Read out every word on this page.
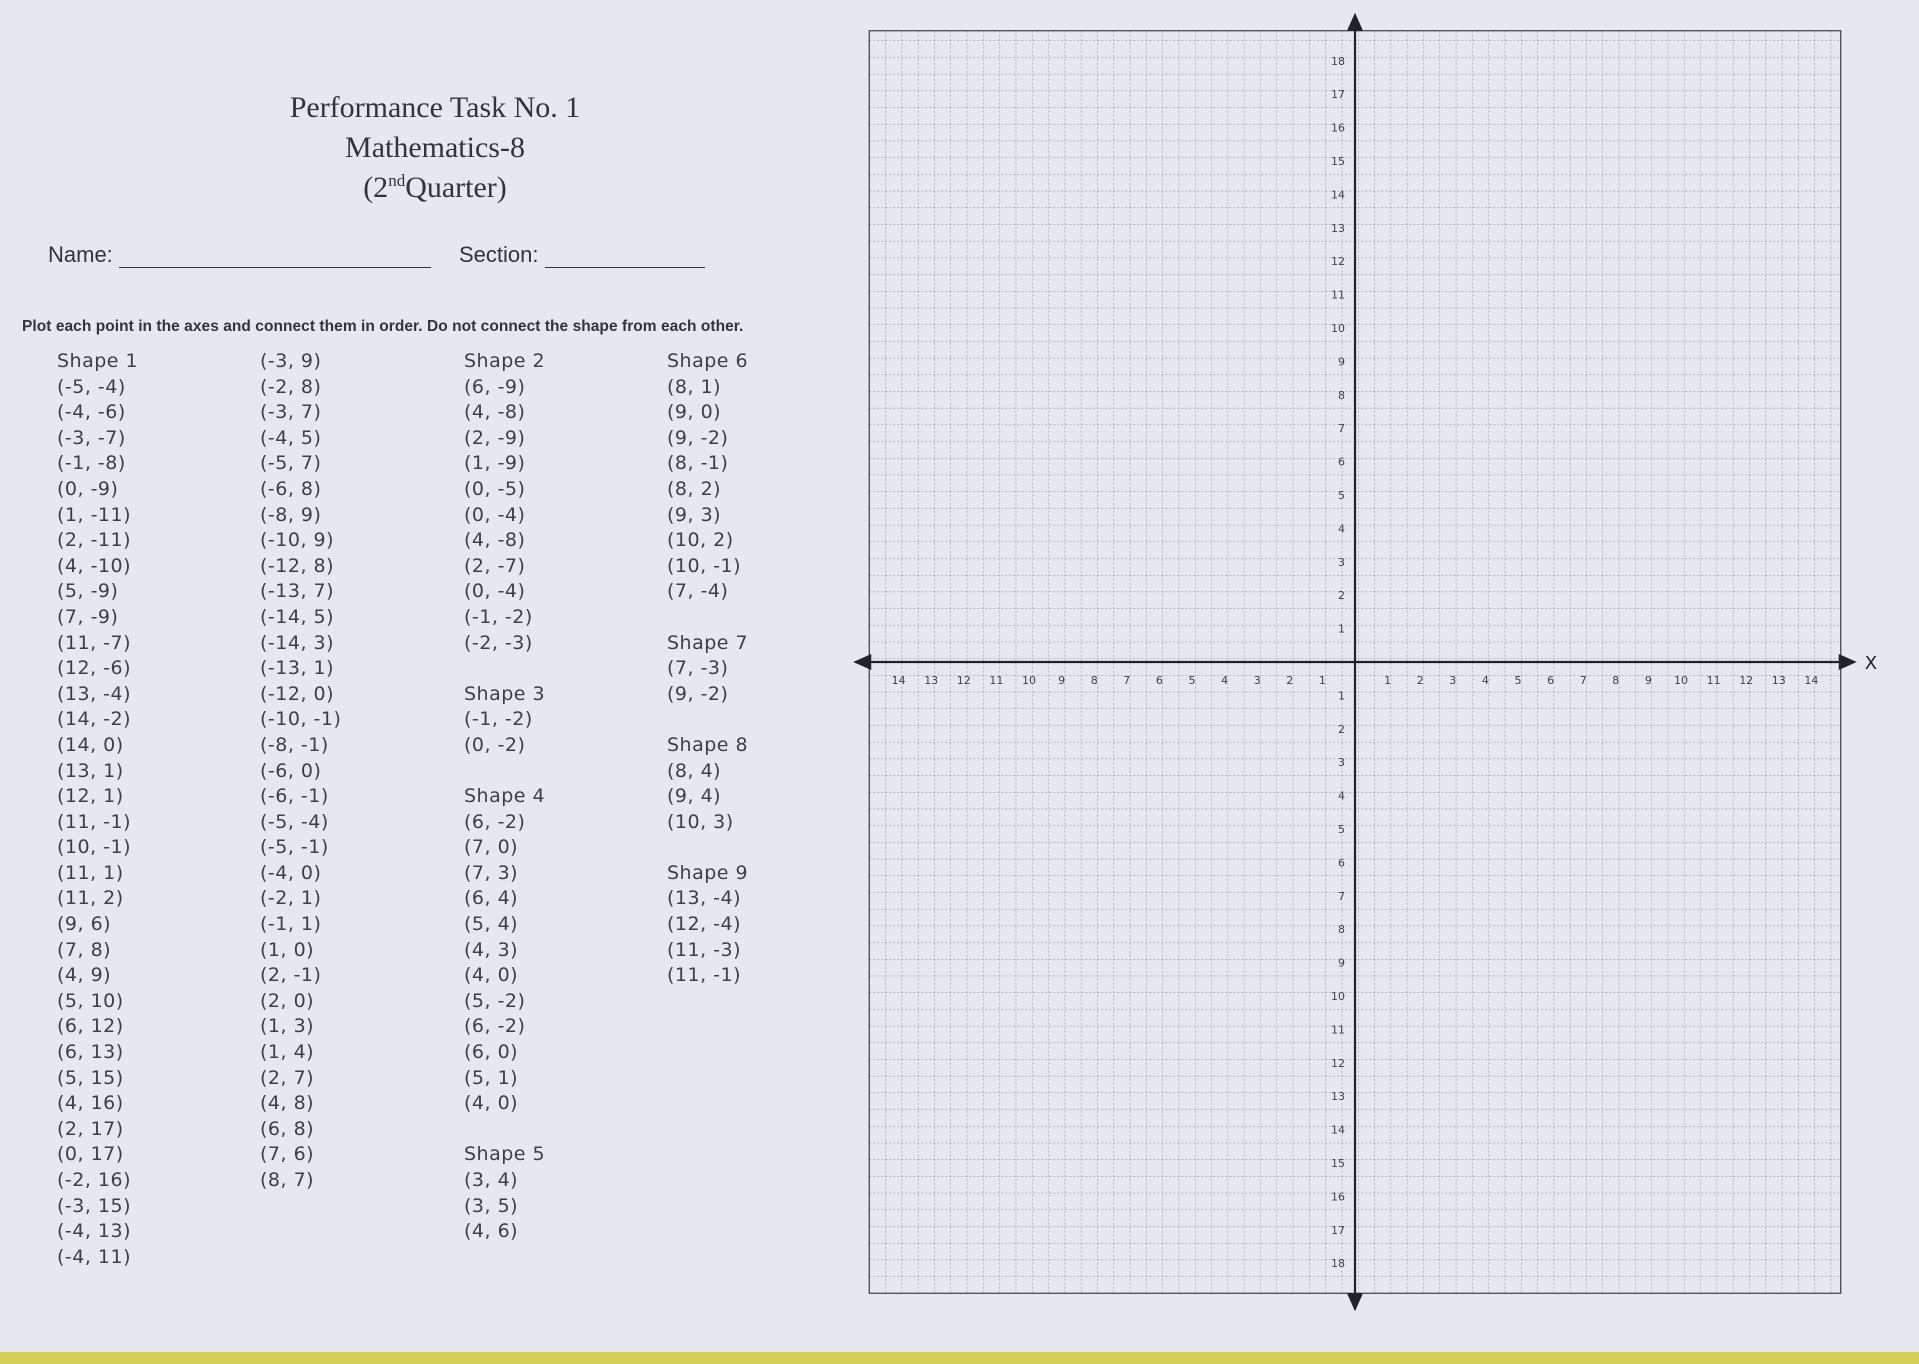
Performance Task No. 1
Mathematics-8
(2ndQuarter)
Name:	Section:
Plot each point in the axes and connect them in order. Do not connect the shape from each other.
Shape 1
(-5, -4)
(-4, -6)
(-3, -7)
(-1, -8)
(0, -9)
(1, -11)
(2, -11)
(4, -10)
(5, -9)
(7, -9)
(11, -7)
(12, -6)
(13, -4)
(14, -2)
(14, 0)
(13, 1)
(12, 1)
(11, -1)
(10, -1)
(11, 1)
(11, 2)
(9, 6)
(7, 8)
(4, 9)
(5, 10)
(6, 12)
(6, 13)
(5, 15)
(4, 16)
(2, 17)
(0, 17)
(-2, 16)
(-3, 15)
(-4, 13)
(-4, 11)
(-3, 9)
(-2, 8)
(-3, 7)
(-4, 5)
(-5, 7)
(-6, 8)
(-8, 9)
(-10, 9)
(-12, 8)
(-13, 7)
(-14, 5)
(-14, 3)
(-13, 1)
(-12, 0)
(-10, -1)
(-8, -1)
(-6, 0)
(-6, -1)
(-5, -4)
(-5, -1)
(-4, 0)
(-2, 1)
(-1, 1)
(1, 0)
(2, -1)
(2, 0)
(1, 3)
(1, 4)
(2, 7)
(4, 8)
(6, 8)
(7, 6)
(8, 7)
Shape 2
(6, -9)
(4, -8)
(2, -9)
(1, -9)
(0, -5)
(0, -4)
(4, -8)
(2, -7)
(0, -4)
(-1, -2)
(-2, -3)
Shape 3
(-1, -2)
(0, -2)
Shape 4
(6, -2)
(7, 0)
(7, 3)
(6, 4)
(5, 4)
(4, 3)
(4, 0)
(5, -2)
(6, -2)
(6, 0)
(5, 1)
(4, 0)
Shape 5
(3, 4)
(3, 5)
(4, 6)
Shape 6
(8, 1)
(9, 0)
(9, -2)
(8, -1)
(8, 2)
(9, 3)
(10, 2)
(10, -1)
(7, -4)
Shape 7
(7, -3)
(9, -2)
Shape 8
(8, 4)
(9, 4)
(10, 3)
Shape 9
(13, -4)
(12, -4)
(11, -3)
(11, -1)
X
14 13 12 11 10 9 8 7 6 5 4 3 2 1	1 2 3 4 5 6 7 8 9 10 11 12 13 14
1
2
3
4
5
6
7
8
9
10
11
12
13
14
15
16
17
18
1
2
3
4
5
6
7
8
9
10
11
12
13
14
15
16
17
18
